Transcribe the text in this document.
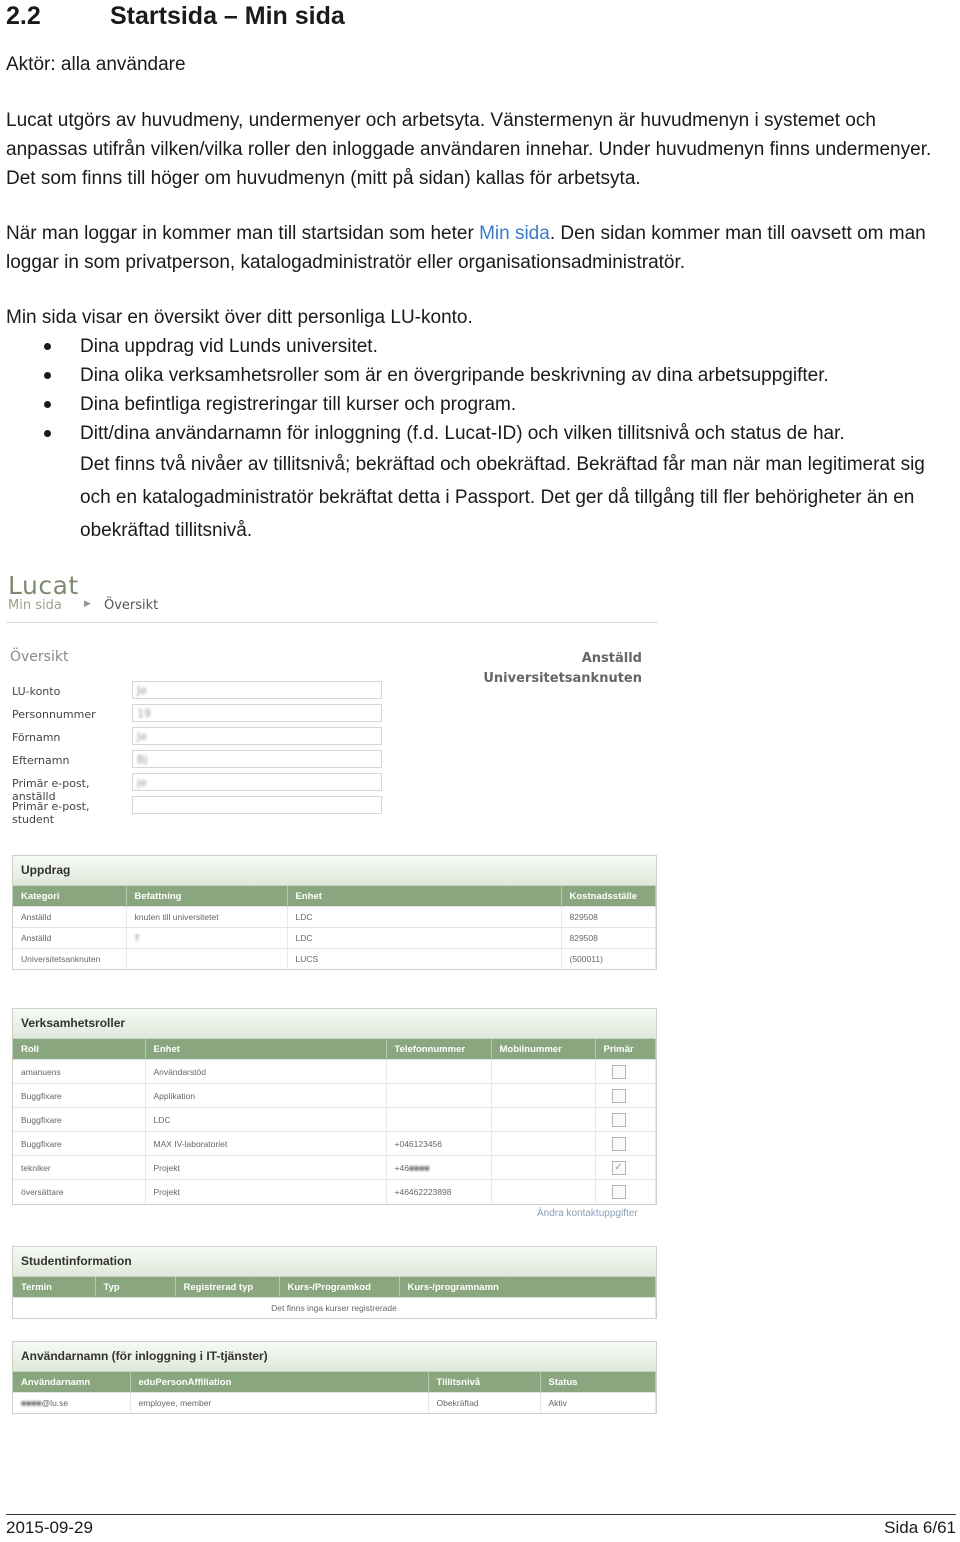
2.2	Startsida – Min sida

Aktör: alla användare

Lucat utgörs av huvudmeny, undermenyer och arbetsyta. Vänstermenyn är huvudmenyn i systemet och anpassas utifrån vilken/vilka roller den inloggade användaren innehar. Under huvudmenyn finns undermenyer. Det som finns till höger om huvudmenyn (mitt på sidan) kallas för arbetsyta.

När man loggar in kommer man till startsidan som heter Min sida. Den sidan kommer man till oavsett om man loggar in som privatperson, katalogadministratör eller organisationsadministratör.

Min sida visar en översikt över ditt personliga LU-konto.

Dina uppdrag vid Lunds universitet.
Dina olika verksamhetsroller som är en övergripande beskrivning av dina arbetsuppgifter.
Dina befintliga registreringar till kurser och program.
Ditt/dina användarnamn för inloggning (f.d. Lucat-ID) och vilken tillitsnivå och status de har.
Det finns två nivåer av tillitsnivå; bekräftad och obekräftad. Bekräftad får man när man legitimerat sig och en katalogadministratör bekräftat detta i Passport. Det ger då tillgång till fler behörigheter än en obekräftad tillitsnivå.
Lucat
Min sida ▶ Översikt
Översikt	Anställd
Universitetsanknuten
LU-konto	Je
Personnummer	19
Förnamn	Je
Efternamn	Bj
Primär e-post, anställd
je
Primär e-post, student
Uppdrag
Kategori	Befattning	Enhet	Kostnadsställe
Anställd	knuten till universitetet	LDC	829508
Anställd	T	LDC	829508
Universitetsanknuten		LUCS	(500011)
Verksamhetsroller
Roll	Enhet	Telefonnummer	Mobilnummer	Primär
amanuens	Användarstöd			
Buggfixare	Applikation			
Buggfixare	LDC			
Buggfixare	MAX IV-laboratoriet	+046123456		
tekniker	Projekt	+46■■■■		✓
översättare	Projekt	+46462223898		
Ändra kontaktuppgifter
Studentinformation
Termin	Typ	Registrerad typ	Kurs-/Programkod	Kurs-/programnamn
Det finns inga kurser registrerade
Användarnamn (för inloggning i IT-tjänster)
Användarnamn	eduPersonAffiliation	Tillitsnivå	Status
■■■■@lu.se	employee, member	Obekräftad	Aktiv
2015-09-29	Sida 6/61
